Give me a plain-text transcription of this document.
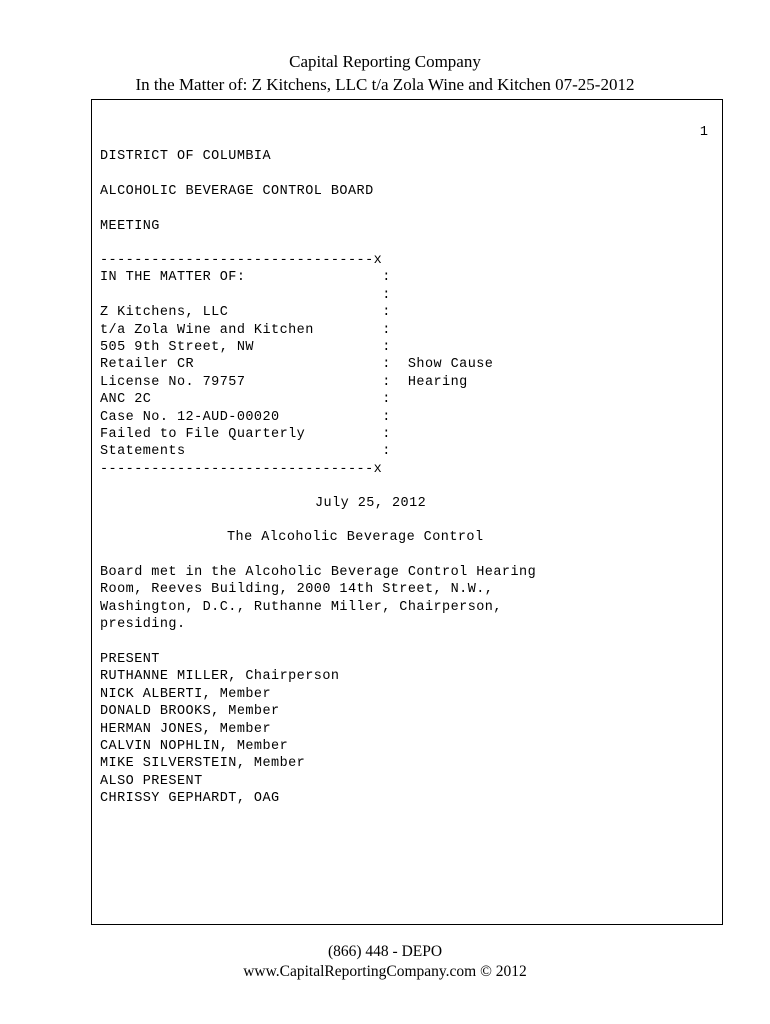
Capital Reporting Company
In the Matter of: Z Kitchens, LLC t/a Zola Wine and Kitchen 07-25-2012
1
DISTRICT OF COLUMBIA
ALCOHOLIC BEVERAGE CONTROL BOARD
MEETING
--------------------------------x
IN THE MATTER OF:                :
:
Z Kitchens, LLC                  :
t/a Zola Wine and Kitchen        :
505 9th Street, NW               :
Retailer CR                      :  Show Cause
License No. 79757                :  Hearing
ANC 2C                           :
Case No. 12-AUD-00020            :
Failed to File Quarterly         :
Statements                       :
--------------------------------x
July 25, 2012
The Alcoholic Beverage Control
Board met in the Alcoholic Beverage Control Hearing
Room, Reeves Building, 2000 14th Street, N.W.,
Washington, D.C., Ruthanne Miller, Chairperson,
presiding.
PRESENT
RUTHANNE MILLER, Chairperson
NICK ALBERTI, Member
DONALD BROOKS, Member
HERMAN JONES, Member
CALVIN NOPHLIN, Member
MIKE SILVERSTEIN, Member
ALSO PRESENT
CHRISSY GEPHARDT, OAG
(866) 448 - DEPO
www.CapitalReportingCompany.com © 2012
